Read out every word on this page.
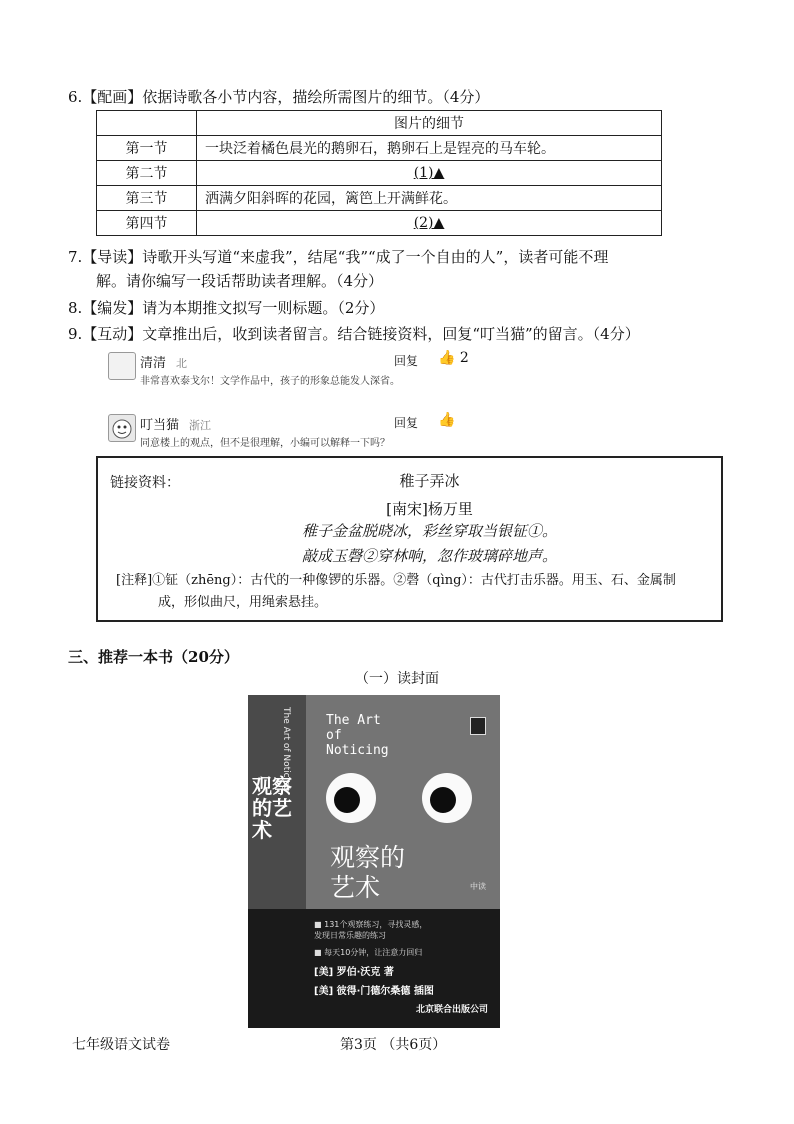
6.【配画】依据诗歌各小节内容，描绘所需图片的细节。（4分）
	图片的细节
第一节	一块泛着橘色晨光的鹅卵石，鹅卵石上是锃亮的马车轮。
第二节	(1)▲
第三节	洒满夕阳斜晖的花园，篱笆上开满鲜花。
第四节	(2)▲
7.【导读】诗歌开头写道“来虚我”，结尾“我”“成了一个自由的人”，读者可能不理
解。请你编写一段话帮助读者理解。（4分）
8.【编发】请为本期推文拟写一则标题。（2分）
9.【互动】文章推出后，收到读者留言。结合链接资料，回复“叮当猫”的留言。（4分）
清清 北	回复 👍 2
非常喜欢泰戈尔！文学作品中，孩子的形象总能发人深省。
叮当猫 浙江	回复 👍
同意楼上的观点，但不是很理解，小编可以解释一下吗？
链接资料：	稚子弄冰
[南宋]杨万里
稚子金盆脱晓冰，彩丝穿取当银钲①。
敲成玉磬②穿林响，忽作玻璃碎地声。
[注释]①钲（zhēng）：古代的一种像锣的乐器。②磬（qìng）：古代打击乐器。用玉、石、金属制
成，形似曲尺，用绳索悬挂。
三、推荐一本书（20分）
（一）读封面
The Art of Noticing
观察的艺术
The Art
of
Noticing
观察的
艺术	中读
■ 131个观察练习，寻找灵感，
发现日常乐趣的练习
■ 每天10分钟，让注意力回归
[美] 罗伯·沃克 著
[美] 彼得·门德尔桑德 插图
北京联合出版公司
七年级语文试卷	第3页 （共6页）
